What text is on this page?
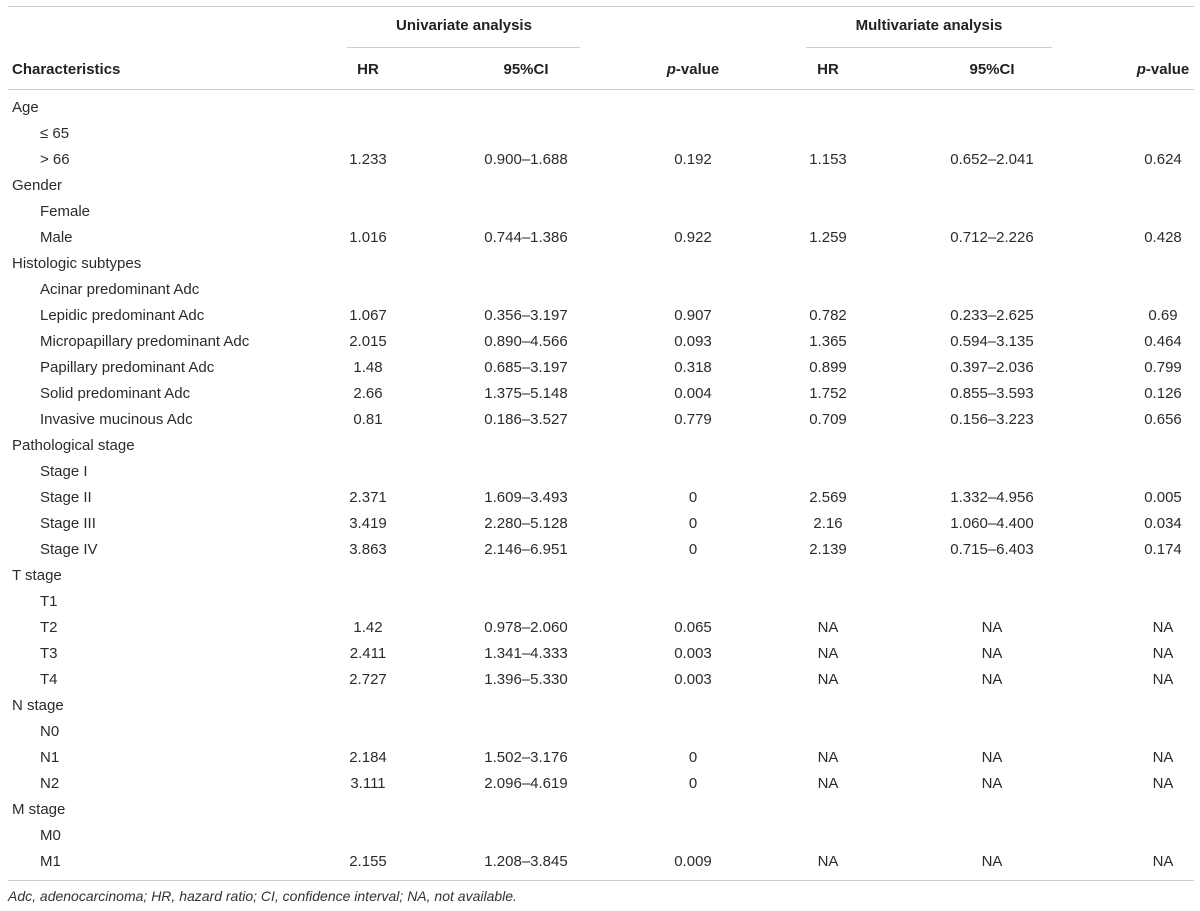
Univariate analysis	Multivariate analysis
Characteristics	HR	95%CI	p-value	HR	95%CI	p-value
Age
≤ 65
> 66	1.233	0.900–1.688	0.192	1.153	0.652–2.041	0.624
Gender
Female
Male	1.016	0.744–1.386	0.922	1.259	0.712–2.226	0.428
Histologic subtypes
Acinar predominant Adc
Lepidic predominant Adc	1.067	0.356–3.197	0.907	0.782	0.233–2.625	0.69
Micropapillary predominant Adc	2.015	0.890–4.566	0.093	1.365	0.594–3.135	0.464
Papillary predominant Adc	1.48	0.685–3.197	0.318	0.899	0.397–2.036	0.799
Solid predominant Adc	2.66	1.375–5.148	0.004	1.752	0.855–3.593	0.126
Invasive mucinous Adc	0.81	0.186–3.527	0.779	0.709	0.156–3.223	0.656
Pathological stage
Stage I
Stage II	2.371	1.609–3.493	0	2.569	1.332–4.956	0.005
Stage III	3.419	2.280–5.128	0	2.16	1.060–4.400	0.034
Stage IV	3.863	2.146–6.951	0	2.139	0.715–6.403	0.174
T stage
T1
T2	1.42	0.978–2.060	0.065	NA	NA	NA
T3	2.411	1.341–4.333	0.003	NA	NA	NA
T4	2.727	1.396–5.330	0.003	NA	NA	NA
N stage
N0
N1	2.184	1.502–3.176	0	NA	NA	NA
N2	3.111	2.096–4.619	0	NA	NA	NA
M stage
M0
M1	2.155	1.208–3.845	0.009	NA	NA	NA
Adc, adenocarcinoma; HR, hazard ratio; CI, confidence interval; NA, not available.
